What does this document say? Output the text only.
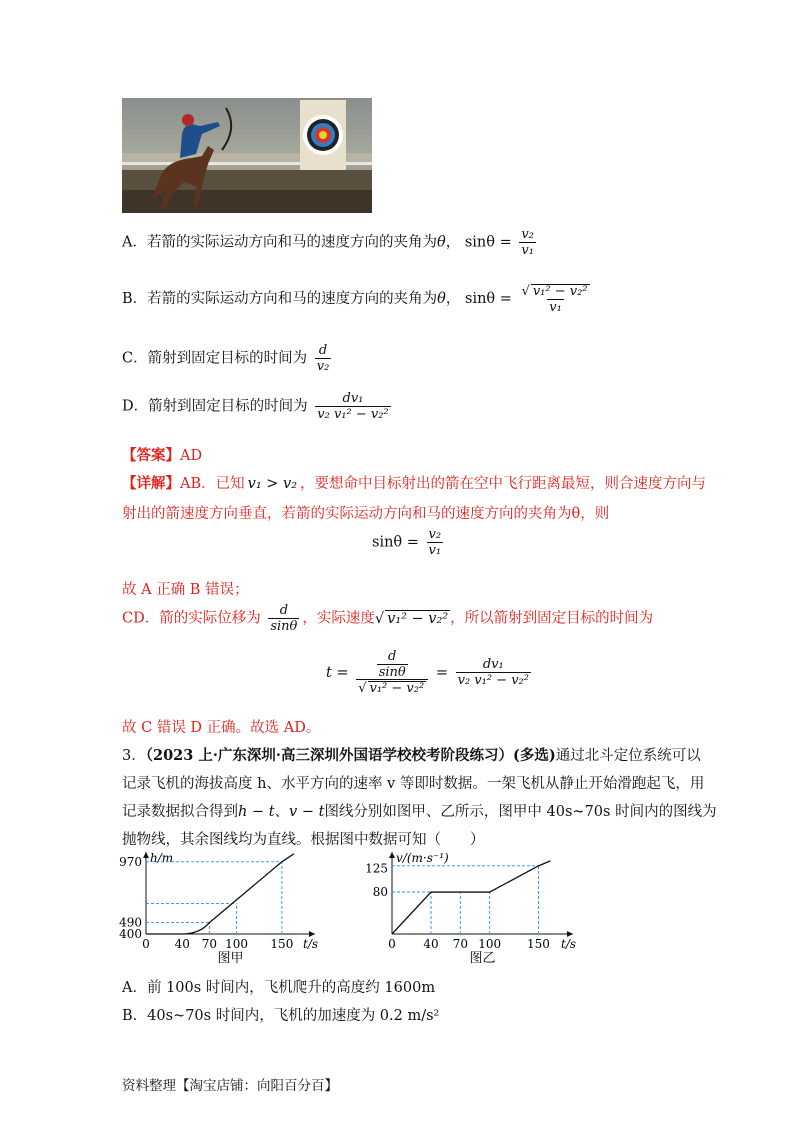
A．若箭的实际运动方向和马的速度方向的夹角为θ， $\sin\theta = \frac{\text{v₂}}{\text{v₁}}$
B．若箭的实际运动方向和马的速度方向的夹角为θ， $\sin\theta = \frac{\text{√ v₁² − v₂²}}{\text{v₁}}$
C．箭射到固定目标的时间为 $\frac{d}{\text{v₂}}$
D．箭射到固定目标的时间为 $\frac{\text{dv₁}}{\text{v₂ v₁² − v₂²}}$
【答案】AD
【详解】AB．已知 v₁ > v₂ ，要想命中目标射出的箭在空中飞行距离最短，则合速度方向与
射出的箭速度方向垂直，若箭的实际运动方向和马的速度方向的夹角为θ，则
$\sin\theta = \frac{\text{v₂}}{\text{v₁}}$
故 A 正确 B 错误；
CD．箭的实际位移为 $\frac{d}{\sin\theta}$ ，实际速度√ v₁² − v₂² ，所以箭射到固定目标的时间为
$t = \frac{\frac{d}{\sin\theta}}{\text{√ v₁² − v₂²}} = \frac{\text{dv₁}}{\text{v₂ v₁² − v₂²}}$
故 C 错误 D 正确。故选 AD。
3．（2023 上·广东深圳·高三深圳外国语学校校考阶段练习）(多选)通过北斗定位系统可以
记录飞机的海拔高度 h、水平方向的速率 v 等即时数据。一架飞机从静止开始滑跑起飞，用
记录数据拟合得到h − t、v − t图线分别如图甲、乙所示，图甲中 40s~70s 时间内的图线为
抛物线，其余图线均为直线。根据图中数据可知（　　）
h/m
t/s
0 40 70 100 150
400
490
970
图甲
v/(m·s⁻¹)
t/s
0 40 70 100 150
80
125
图乙
A．前 100s 时间内，飞机爬升的高度约 1600m
B．40s~70s 时间内，飞机的加速度为 0.2 m/s²
资料整理【淘宝店铺：向阳百分百】
